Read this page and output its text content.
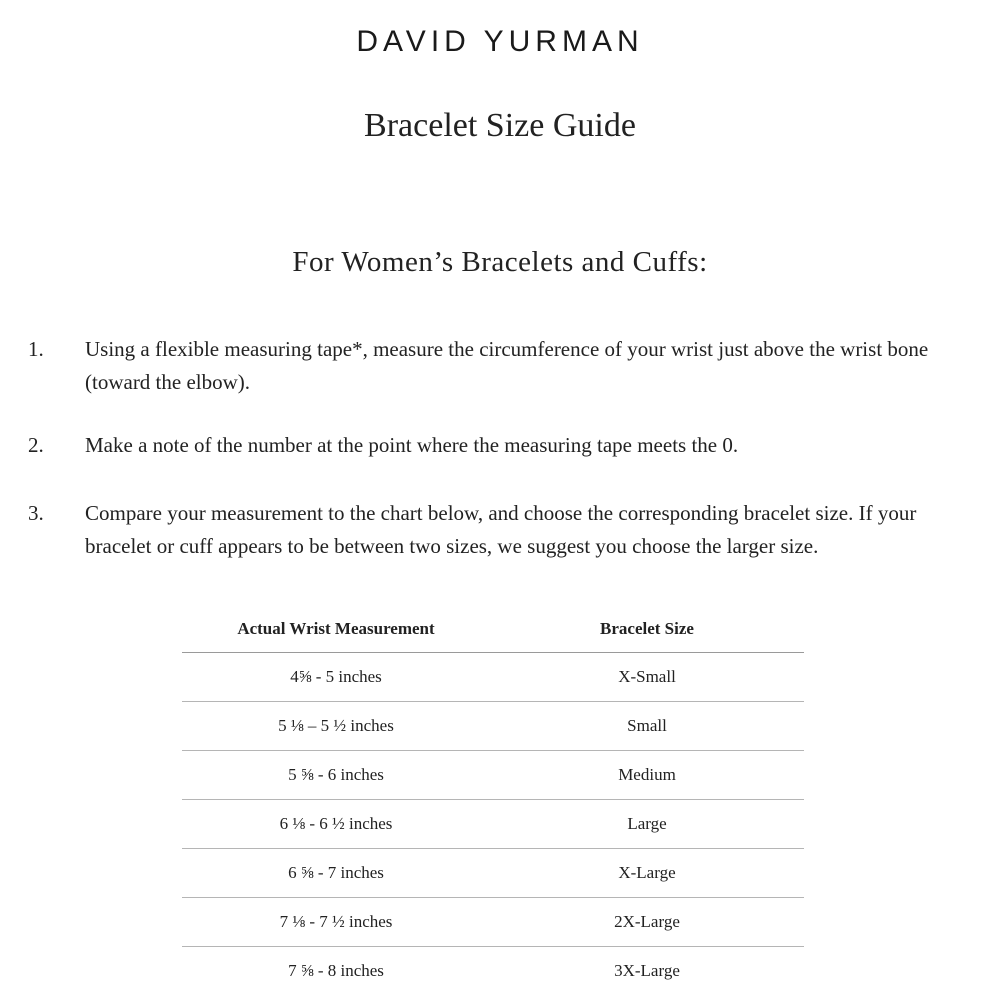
DAVID YURMAN
Bracelet Size Guide
For Women’s Bracelets and Cuffs:
1.	Using a flexible measuring tape*, measure the circumference of your wrist just above the wrist bone (toward the elbow).
2.	Make a note of the number at the point where the measuring tape meets the 0.
3.	Compare your measurement to the chart below, and choose the corresponding bracelet size. If your bracelet or cuff appears to be between two sizes, we suggest you choose the larger size.
Actual Wrist Measurement	Bracelet Size
4⅝ - 5 inches	X-Small
5 ⅛ – 5 ½ inches	Small
5 ⅝ - 6 inches	Medium
6 ⅛ - 6 ½ inches	Large
6 ⅝ - 7 inches	X-Large
7 ⅛ - 7 ½ inches	2X-Large
7 ⅝ - 8 inches	3X-Large
